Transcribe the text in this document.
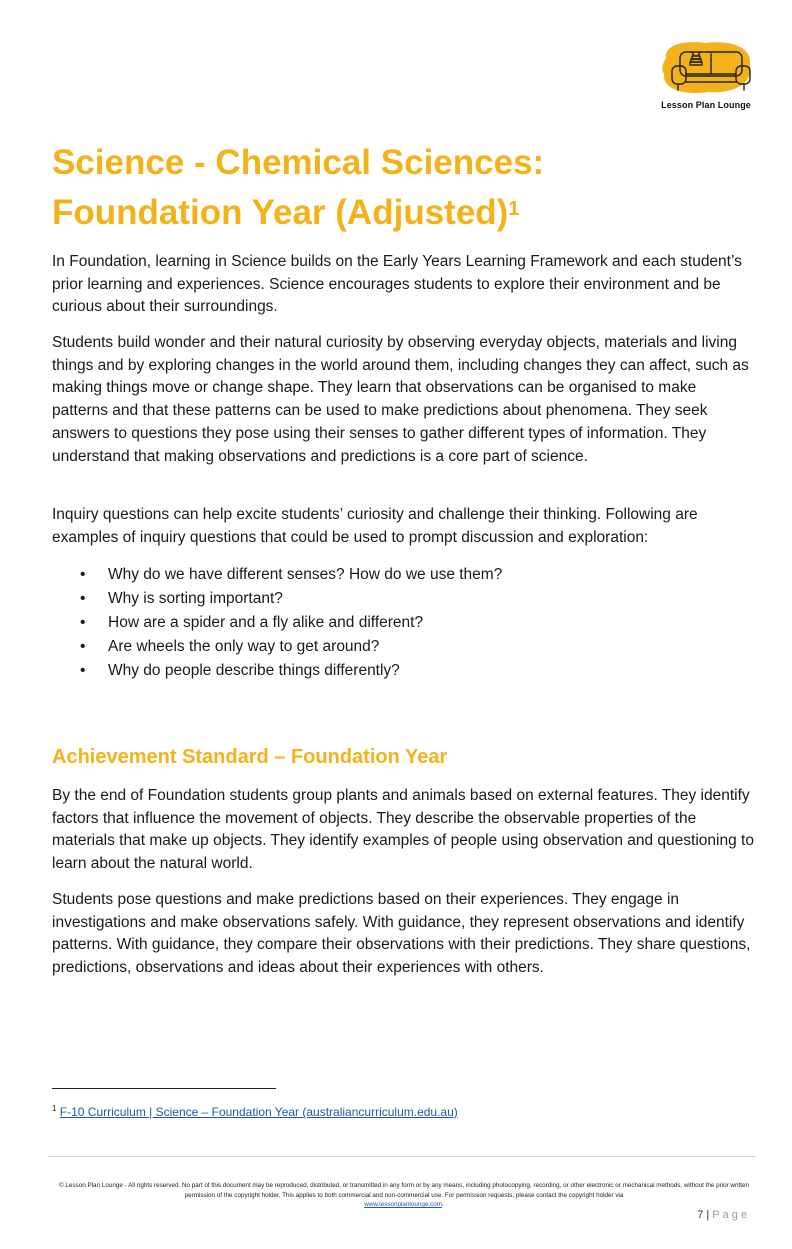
Lesson Plan Lounge
Science - Chemical Sciences:
Foundation Year (Adjusted)$^1$

In Foundation, learning in Science builds on the Early Years Learning Framework and each student’s prior learning and experiences. Science encourages students to explore their environment and be curious about their surroundings.

Students build wonder and their natural curiosity by observing everyday objects, materials and living things and by exploring changes in the world around them, including changes they can affect, such as making things move or change shape. They learn that observations can be organised to make patterns and that these patterns can be used to make predictions about phenomena. They seek answers to questions they pose using their senses to gather different types of information. They understand that making observations and predictions is a core part of science.

Inquiry questions can help excite students’ curiosity and challenge their thinking. Following are examples of inquiry questions that could be used to prompt discussion and exploration:

• Why do we have different senses? How do we use them?
• Why is sorting important?
• How are a spider and a fly alike and different?
• Are wheels the only way to get around?
• Why do people describe things differently?
Achievement Standard – Foundation Year

By the end of Foundation students group plants and animals based on external features. They identify factors that influence the movement of objects. They describe the observable properties of the materials that make up objects. They identify examples of people using observation and questioning to learn about the natural world.

Students pose questions and make predictions based on their experiences. They engage in investigations and make observations safely. With guidance, they represent observations and identify patterns. With guidance, they compare their observations with their predictions. They share questions, predictions, observations and ideas about their experiences with others.

$^1$ F-10 Curriculum | Science – Foundation Year (australiancurriculum.edu.au)
© Lesson Plan Lounge - All rights reserved. No part of this document may be reproduced, distributed, or transmitted in any form or by any means, including photocopying, recording, or other electronic or mechanical methods, without the prior written permission of the copyright holder. This applies to both commercial and non-commercial use. For permission requests, please contact the copyright holder via
www.lessonplanlounge.com.
7 | Page
